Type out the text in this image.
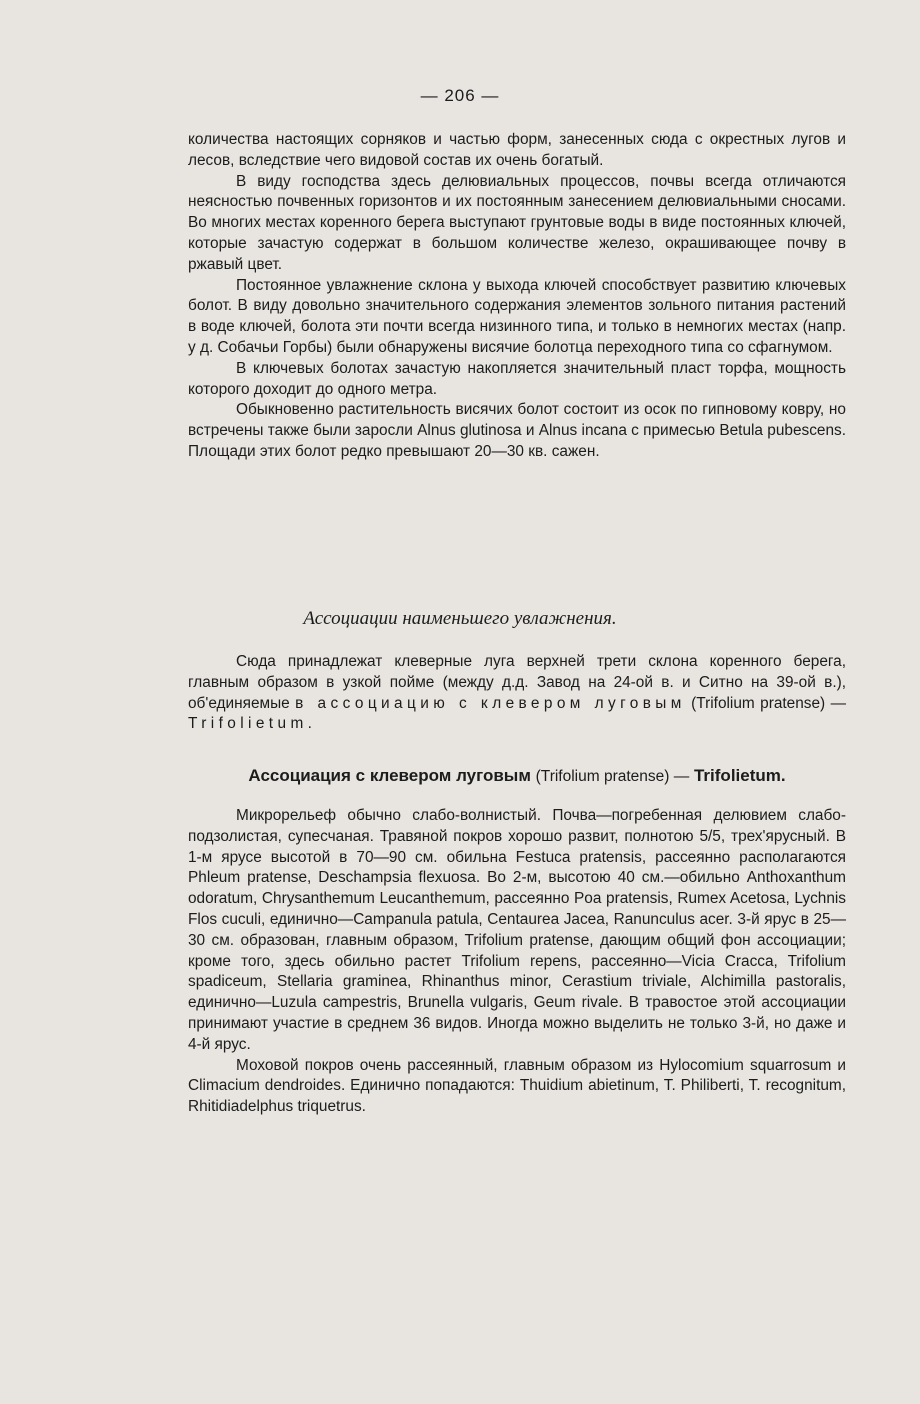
— 206 —

количества настоящих сорняков и частью форм, занесенных сюда с окрестных лугов и лесов, вследствие чего видовой состав их очень богатый.

В виду господства здесь делювиальных процессов, почвы всегда отличаются неясностью почвенных горизонтов и их постоянным занесением делювиальными сносами. Во многих местах коренного берега выступают грунтовые воды в виде постоянных ключей, которые зачастую содержат в большом количестве железо, окрашивающее почву в ржавый цвет.

Постоянное увлажнение склона у выхода ключей способствует развитию ключевых болот. В виду довольно значительного содержания элементов зольного питания растений в воде ключей, болота эти почти всегда низинного типа, и только в немногих местах (напр. у д. Собачьи Горбы) были обнаружены висячие болотца переходного типа со сфагнумом.

В ключевых болотах зачастую накопляется значительный пласт торфа, мощность которого доходит до одного метра.

Обыкновенно растительность висячих болот состоит из осок по гипновому ковру, но встречены также были заросли Alnus glutinosa и Alnus incana с примесью Betula pubescens. Площади этих болот редко превышают 20—30 кв. сажен.

Ассоциации наименьшего увлажнения.

Сюда принадлежат клеверные луга верхней трети склона коренного берега, главным образом в узкой пойме (между д.д. Завод на 24-ой в. и Ситно на 39-ой в.), об'единяемые в ассоциацию с клевером луговым (Trifolium pratense) — Trifolietum.

Ассоциация с клевером луговым (Trifolium pratense) — Trifolietum.

Микрорельеф обычно слабо-волнистый. Почва—погребенная делювием слабо-подзолистая, супесчаная. Травяной покров хорошо развит, полнотою 5/5, трех'ярусный. В 1-м ярусе высотой в 70—90 см. обильна Festuca pratensis, рассеянно располагаются Phleum pratense, Deschampsia flexuosa. Во 2-м, высотою 40 см.—обильно Anthoxanthum odoratum, Chrysanthemum Leucanthemum, рассеянно Poa pratensis, Rumex Acetosa, Lychnis Flos cuculi, единично—Campanula patula, Centaurea Jacea, Ranunculus acer. 3-й ярус в 25—30 см. образован, главным образом, Trifolium pratense, дающим общий фон ассоциации; кроме того, здесь обильно растет Trifolium repens, рассеянно—Vicia Cracca, Trifolium spadiceum, Stellaria graminea, Rhinanthus minor, Cerastium triviale, Alchimilla pastoralis, единично—Luzula campestris, Brunella vulgaris, Geum rivale. В травостое этой ассоциации принимают участие в среднем 36 видов. Иногда можно выделить не только 3-й, но даже и 4-й ярус.

Моховой покров очень рассеянный, главным образом из Hylocomium squarrosum и Climacium dendroides. Единично попадаются: Thuidium abietinum, T. Philiberti, T. recognitum, Rhitidiadelphus triquetrus.
